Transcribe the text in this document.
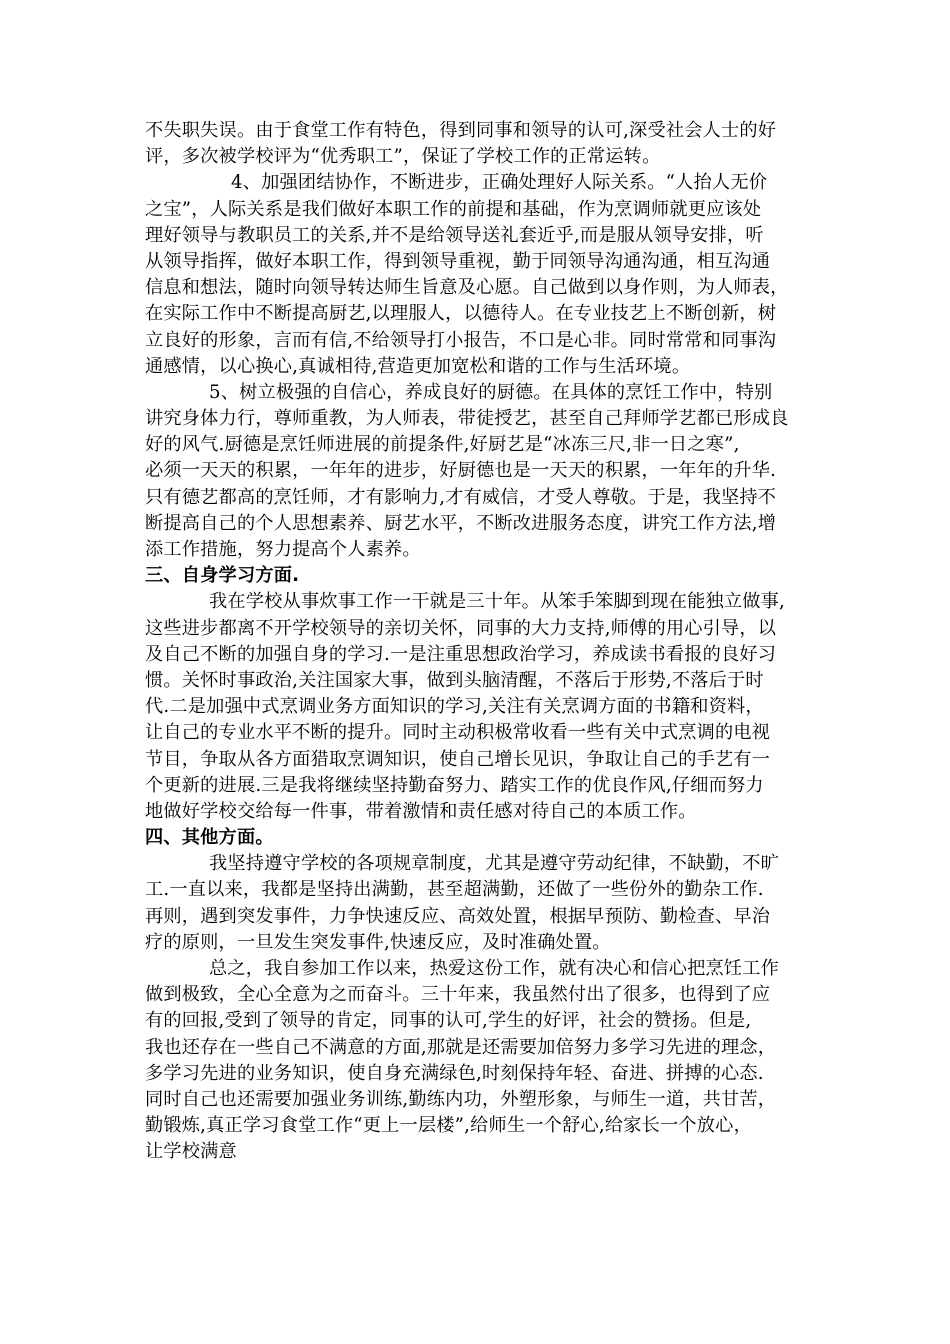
不失职失误。由于食堂工作有特色，得到同事和领导的认可,深受社会人士的好
评，多次被学校评为“优秀职工”，保证了学校工作的正常运转。
4、加强团结协作，不断进步，正确处理好人际关系。“人抬人无价
之宝”，人际关系是我们做好本职工作的前提和基础，作为烹调师就更应该处
理好领导与教职员工的关系,并不是给领导送礼套近乎,而是服从领导安排，听
从领导指挥，做好本职工作，得到领导重视，勤于同领导沟通沟通，相互沟通
信息和想法，随时向领导转达师生旨意及心愿。自己做到以身作则，为人师表，
在实际工作中不断提高厨艺,以理服人，以德待人。在专业技艺上不断创新，树
立良好的形象，言而有信,不给领导打小报告，不口是心非。同时常常和同事沟
通感情，以心换心,真诚相待,营造更加宽松和谐的工作与生活环境。
5、树立极强的自信心，养成良好的厨德。在具体的烹饪工作中，特别
讲究身体力行，尊师重教，为人师表，带徒授艺，甚至自己拜师学艺都已形成良
好的风气.厨德是烹饪师进展的前提条件,好厨艺是“冰冻三尺,非一日之寒”,
必须一天天的积累，一年年的进步，好厨德也是一天天的积累，一年年的升华.
只有德艺都高的烹饪师，才有影响力,才有威信，才受人尊敬。于是，我坚持不
断提高自己的个人思想素养、厨艺水平，不断改进服务态度，讲究工作方法,增
添工作措施，努力提高个人素养。
三、自身学习方面.
我在学校从事炊事工作一干就是三十年。从笨手笨脚到现在能独立做事,
这些进步都离不开学校领导的亲切关怀，同事的大力支持,师傅的用心引导，以
及自己不断的加强自身的学习.一是注重思想政治学习，养成读书看报的良好习
惯。关怀时事政治,关注国家大事，做到头脑清醒，不落后于形势,不落后于时
代.二是加强中式烹调业务方面知识的学习,关注有关烹调方面的书籍和资料，
让自己的专业水平不断的提升。同时主动积极常收看一些有关中式烹调的电视
节目，争取从各方面猎取烹调知识，使自己增长见识，争取让自己的手艺有一
个更新的进展.三是我将继续坚持勤奋努力、踏实工作的优良作风,仔细而努力
地做好学校交给每一件事，带着激情和责任感对待自己的本质工作。
四、其他方面。
我坚持遵守学校的各项规章制度，尤其是遵守劳动纪律，不缺勤，不旷
工.一直以来，我都是坚持出满勤，甚至超满勤，还做了一些份外的勤杂工作.
再则，遇到突发事件，力争快速反应、高效处置，根据早预防、勤检查、早治
疗的原则，一旦发生突发事件,快速反应，及时准确处置。
总之，我自参加工作以来，热爱这份工作，就有决心和信心把烹饪工作
做到极致，全心全意为之而奋斗。三十年来，我虽然付出了很多，也得到了应
有的回报,受到了领导的肯定，同事的认可,学生的好评，社会的赞扬。但是,
我也还存在一些自己不满意的方面,那就是还需要加倍努力多学习先进的理念，
多学习先进的业务知识，使自身充满绿色,时刻保持年轻、奋进、拼搏的心态.
同时自己也还需要加强业务训练,勤练内功，外塑形象，与师生一道，共甘苦，
勤锻炼,真正学习食堂工作“更上一层楼”,给师生一个舒心,给家长一个放心，
让学校满意
